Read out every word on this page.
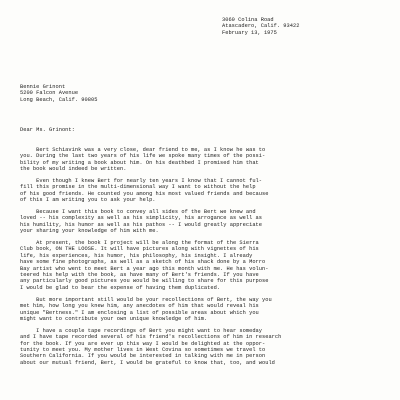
3060 Colina Road
Atascadero, Calif. 93422
February 13, 1975
Bennie Grinont
5200 Falcon Avenue
Long Beach, Calif. 90805
Dear Ms. Grinont:
Bert Schiavink was a very close, dear friend to me, as I know he was to
you. During the last two years of his life we spoke many times of the possi-
bility of my writing a book about him. On his deathbed I promised him that
the book would indeed be written.
Even though I knew Bert for nearly ten years I know that I cannot ful-
fill this promise in the multi-dimensional way I want to without the help
of his good friends. He counted you among his most valued friends and because
of this I am writing you to ask your help.
Because I want this book to convey all sides of the Bert we knew and
loved -- his complexity as well as his simplicity, his arrogance as well as
his humility, his humor as well as his pathos -- I would greatly appreciate
your sharing your knowledge of him with me.
At present, the book I project will be along the format of the Sierra
Club book, ON THE LOOSE. It will have pictures along with vignettes of his
life, his experiences, his humor, his philosophy, his insight. I already
have some fine photographs, as well as a sketch of his shack done by a Morro
Bay artist who went to meet Bert a year ago this month with me. He has volun-
teered his help with the book, as have many of Bert's friends. If you have
any particularly good pictures you would be willing to share for this purpose
I would be glad to bear the expense of having them duplicated.
But more important still would be your recollections of Bert, the way you
met him, how long you knew him, any anecdotes of him that would reveal his
unique "Bertness." I am enclosing a list of possible areas about which you
might want to contribute your own unique knowledge of him.
I have a couple tape recordings of Bert you might want to hear someday
and I have tape recorded several of his friend's recollections of him in research
for the book. If you are ever up this way I would be delighted at the oppor-
tunity to meet you. My mother lives in West Covina so sometimes we travel to
Southern California. If you would be interested in talking with me in person
about our mutual friend, Bert, I would be grateful to know that, too, and would
